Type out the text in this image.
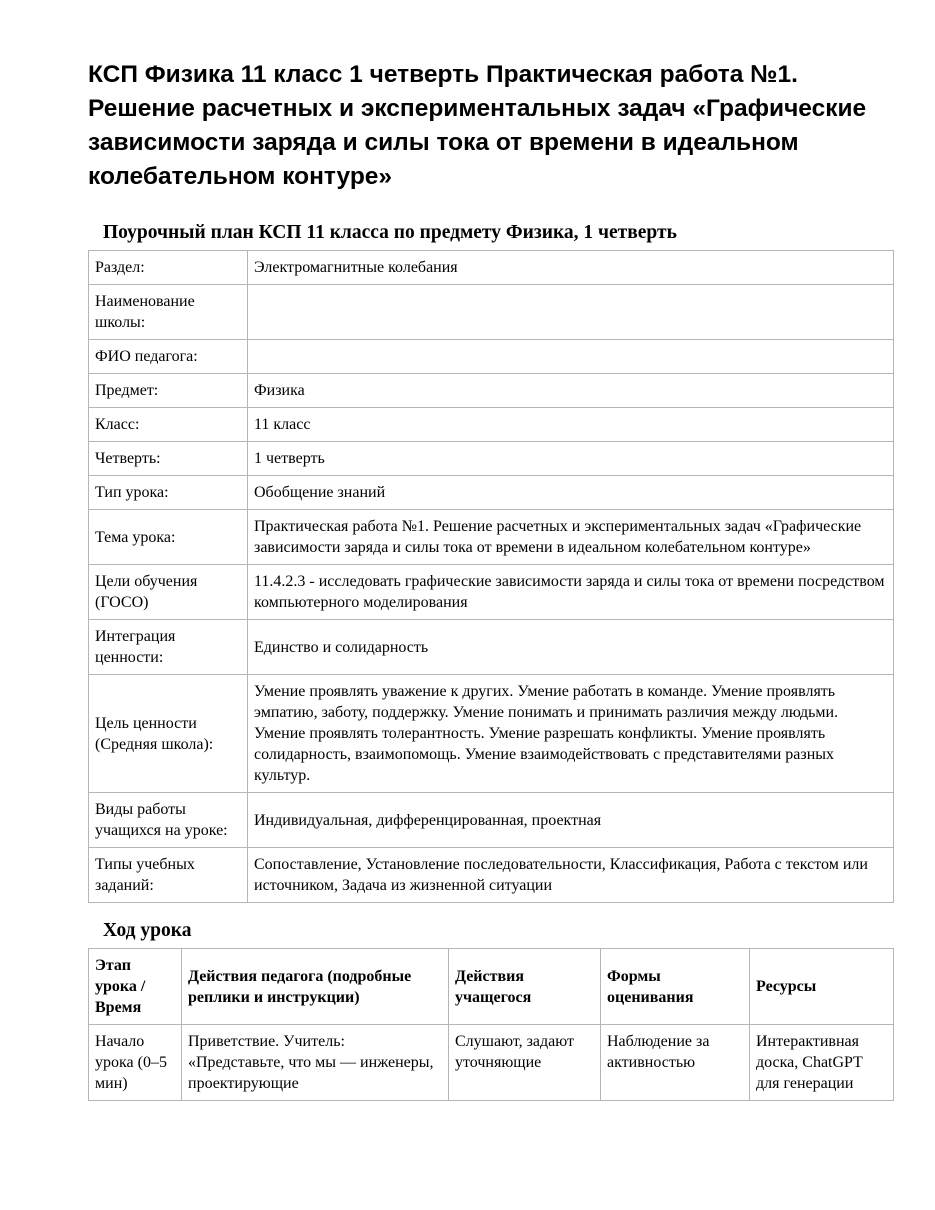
КСП Физика 11 класс 1 четверть Практическая работа №1. Решение расчетных и экспериментальных задач «Графические зависимости заряда и силы тока от времени в идеальном колебательном контуре»
Поурочный план КСП 11 класса по предмету Физика, 1 четверть
Раздел:	Электромагнитные колебания
Наименование школы:	
ФИО педагога:	
Предмет:	Физика
Класс:	11 класс
Четверть:	1 четверть
Тип урока:	Обобщение знаний
Тема урока:	Практическая работа №1. Решение расчетных и экспериментальных задач «Графические зависимости заряда и силы тока от времени в идеальном колебательном контуре»
Цели обучения (ГОСО)	11.4.2.3 - исследовать графические зависимости заряда и силы тока от времени посредством компьютерного моделирования
Интеграция ценности:	Единство и солидарность
Цель ценности (Средняя школа):	Умение проявлять уважение к других. Умение работать в команде. Умение проявлять эмпатию, заботу, поддержку. Умение понимать и принимать различия между людьми. Умение проявлять толерантность. Умение разрешать конфликты. Умение проявлять солидарность, взаимопомощь. Умение взаимодействовать с представителями разных культур.
Виды работы учащихся на уроке:	Индивидуальная, дифференцированная, проектная
Типы учебных заданий:	Сопоставление, Установление последовательности, Классификация, Работа с текстом или источником, Задача из жизненной ситуации
Ход урока
Этап урока / Время	Действия педагога (подробные реплики и инструкции)	Действия учащегося	Формы оценивания	Ресурсы
Начало урока (0–5 мин)	Приветствие. Учитель: «Представьте, что мы — инженеры, проектирующие	Слушают, задают уточняющие	Наблюдение за активностью	Интерактивная доска, ChatGPT для генерации
